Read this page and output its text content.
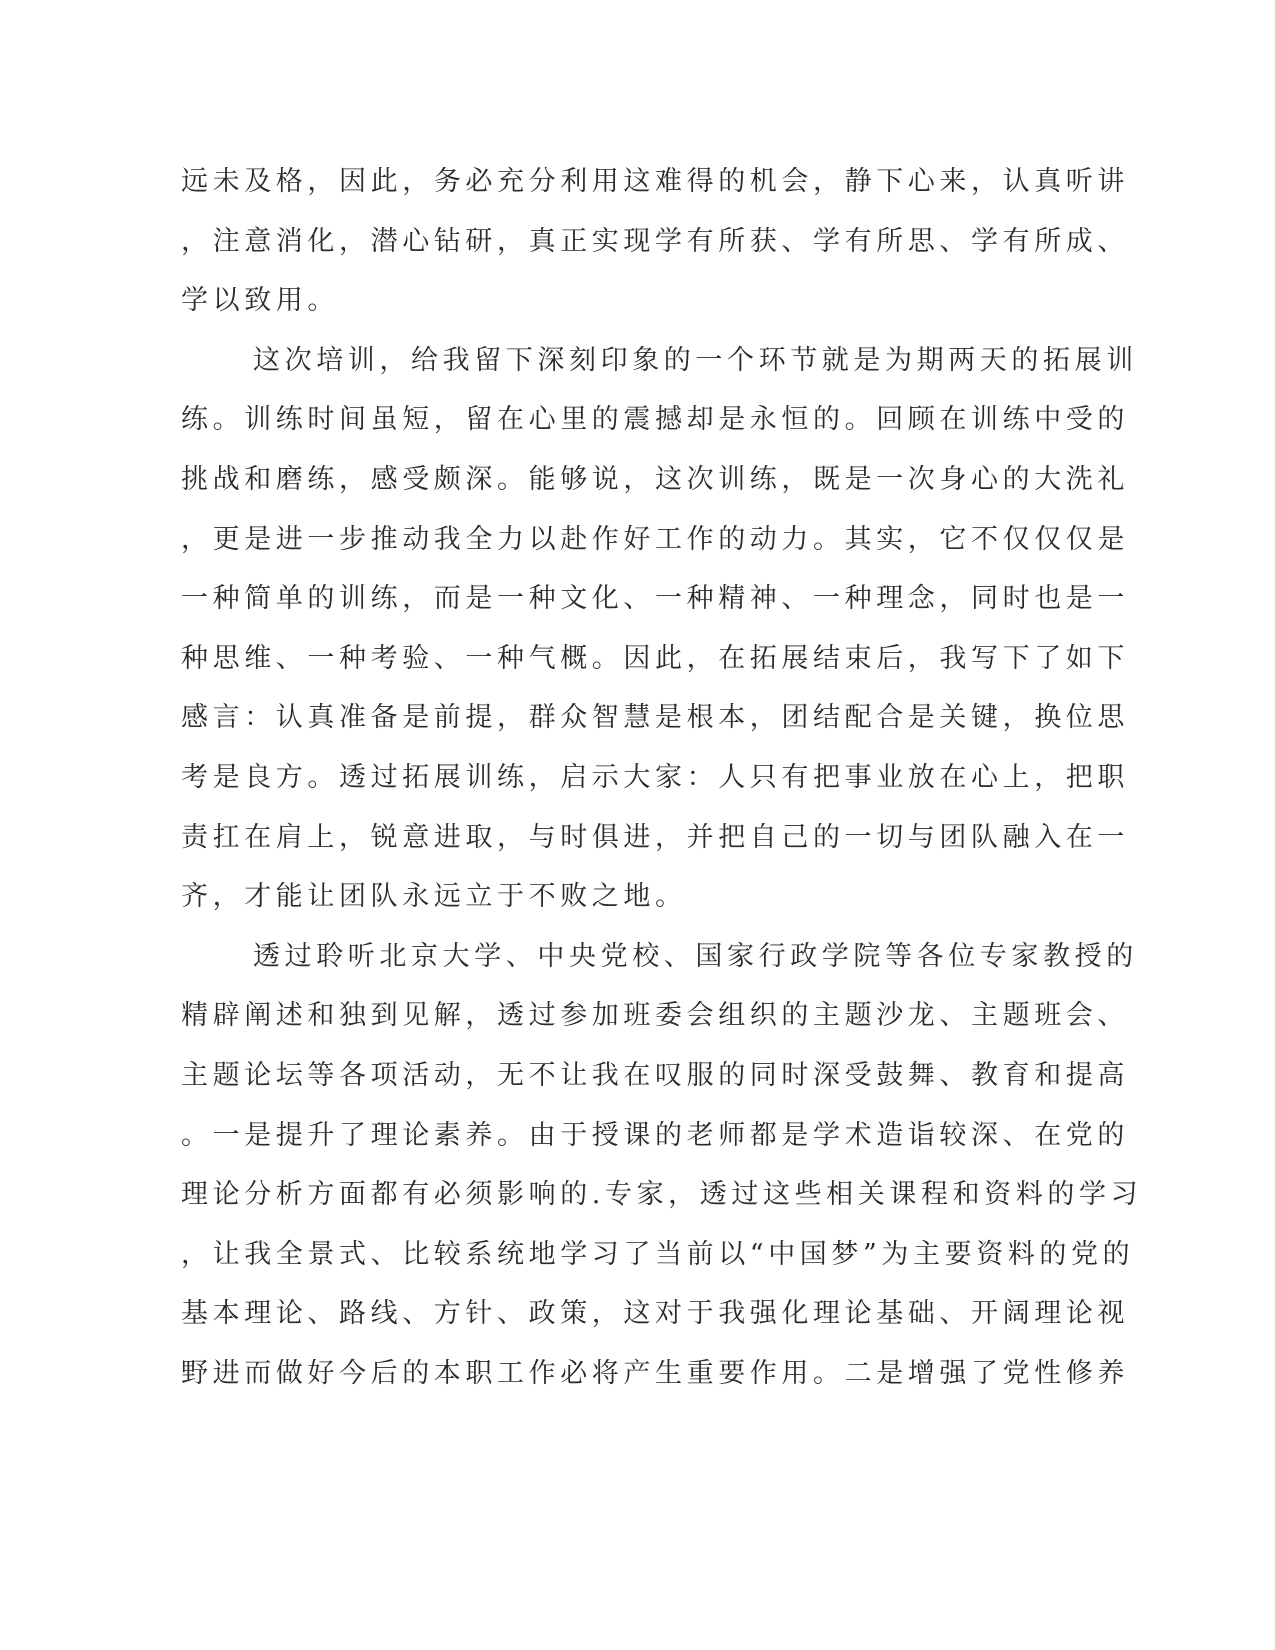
远未及格，因此，务必充分利用这难得的机会，静下心来，认真听讲
，注意消化，潜心钻研，真正实现学有所获、学有所思、学有所成、
学以致用。
这次培训，给我留下深刻印象的一个环节就是为期两天的拓展训
练。训练时间虽短，留在心里的震撼却是永恒的。回顾在训练中受的
挑战和磨练，感受颇深。能够说，这次训练，既是一次身心的大洗礼
，更是进一步推动我全力以赴作好工作的动力。其实，它不仅仅仅是
一种简单的训练，而是一种文化、一种精神、一种理念，同时也是一
种思维、一种考验、一种气概。因此，在拓展结束后，我写下了如下
感言：认真准备是前提，群众智慧是根本，团结配合是关键，换位思
考是良方。透过拓展训练，启示大家：人只有把事业放在心上，把职
责扛在肩上，锐意进取，与时俱进，并把自己的一切与团队融入在一
齐，才能让团队永远立于不败之地。
透过聆听北京大学、中央党校、国家行政学院等各位专家教授的
精辟阐述和独到见解，透过参加班委会组织的主题沙龙、主题班会、
主题论坛等各项活动，无不让我在叹服的同时深受鼓舞、教育和提高
。一是提升了理论素养。由于授课的老师都是学术造诣较深、在党的
理论分析方面都有必须影响的.专家，透过这些相关课程和资料的学习
，让我全景式、比较系统地学习了当前以“中国梦”为主要资料的党的
基本理论、路线、方针、政策，这对于我强化理论基础、开阔理论视
野进而做好今后的本职工作必将产生重要作用。二是增强了党性修养
